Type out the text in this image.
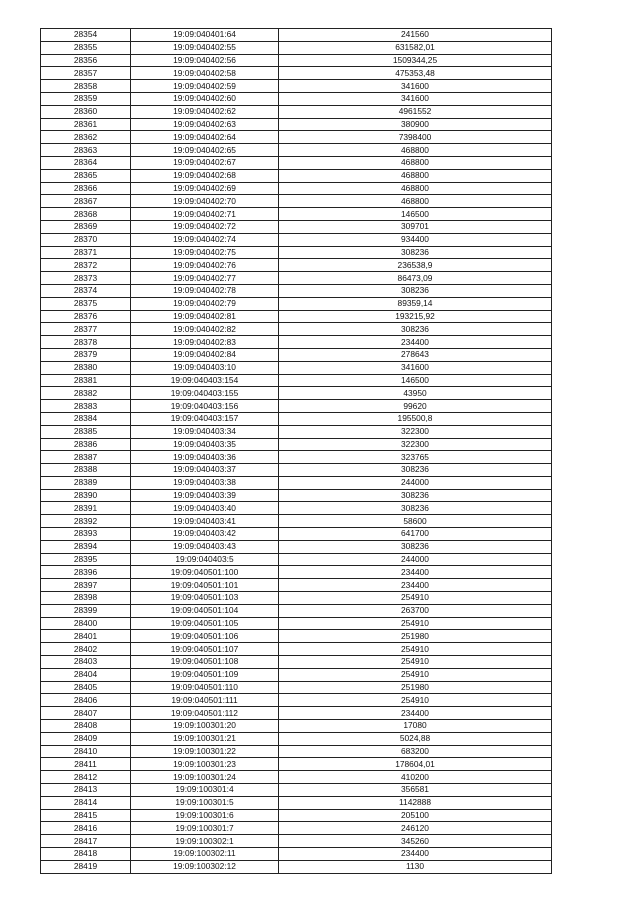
28354	19:09:040401:64	241560
28355	19:09:040402:55	631582,01
28356	19:09:040402:56	1509344,25
28357	19:09:040402:58	475353,48
28358	19:09:040402:59	341600
28359	19:09:040402:60	341600
28360	19:09:040402:62	4961552
28361	19:09:040402:63	380900
28362	19:09:040402:64	7398400
28363	19:09:040402:65	468800
28364	19:09:040402:67	468800
28365	19:09:040402:68	468800
28366	19:09:040402:69	468800
28367	19:09:040402:70	468800
28368	19:09:040402:71	146500
28369	19:09:040402:72	309701
28370	19:09:040402:74	934400
28371	19:09:040402:75	308236
28372	19:09:040402:76	236538,9
28373	19:09:040402:77	86473,09
28374	19:09:040402:78	308236
28375	19:09:040402:79	89359,14
28376	19:09:040402:81	193215,92
28377	19:09:040402:82	308236
28378	19:09:040402:83	234400
28379	19:09:040402:84	278643
28380	19:09:040403:10	341600
28381	19:09:040403:154	146500
28382	19:09:040403:155	43950
28383	19:09:040403:156	99620
28384	19:09:040403:157	195500,8
28385	19:09:040403:34	322300
28386	19:09:040403:35	322300
28387	19:09:040403:36	323765
28388	19:09:040403:37	308236
28389	19:09:040403:38	244000
28390	19:09:040403:39	308236
28391	19:09:040403:40	308236
28392	19:09:040403:41	58600
28393	19:09:040403:42	641700
28394	19:09:040403:43	308236
28395	19:09:040403:5	244000
28396	19:09:040501:100	234400
28397	19:09:040501:101	234400
28398	19:09:040501:103	254910
28399	19:09:040501:104	263700
28400	19:09:040501:105	254910
28401	19:09:040501:106	251980
28402	19:09:040501:107	254910
28403	19:09:040501:108	254910
28404	19:09:040501:109	254910
28405	19:09:040501:110	251980
28406	19:09:040501:111	254910
28407	19:09:040501:112	234400
28408	19:09:100301:20	17080
28409	19:09:100301:21	5024,88
28410	19:09:100301:22	683200
28411	19:09:100301:23	178604,01
28412	19:09:100301:24	410200
28413	19:09:100301:4	356581
28414	19:09:100301:5	1142888
28415	19:09:100301:6	205100
28416	19:09:100301:7	246120
28417	19:09:100302:1	345260
28418	19:09:100302:11	234400
28419	19:09:100302:12	1130
